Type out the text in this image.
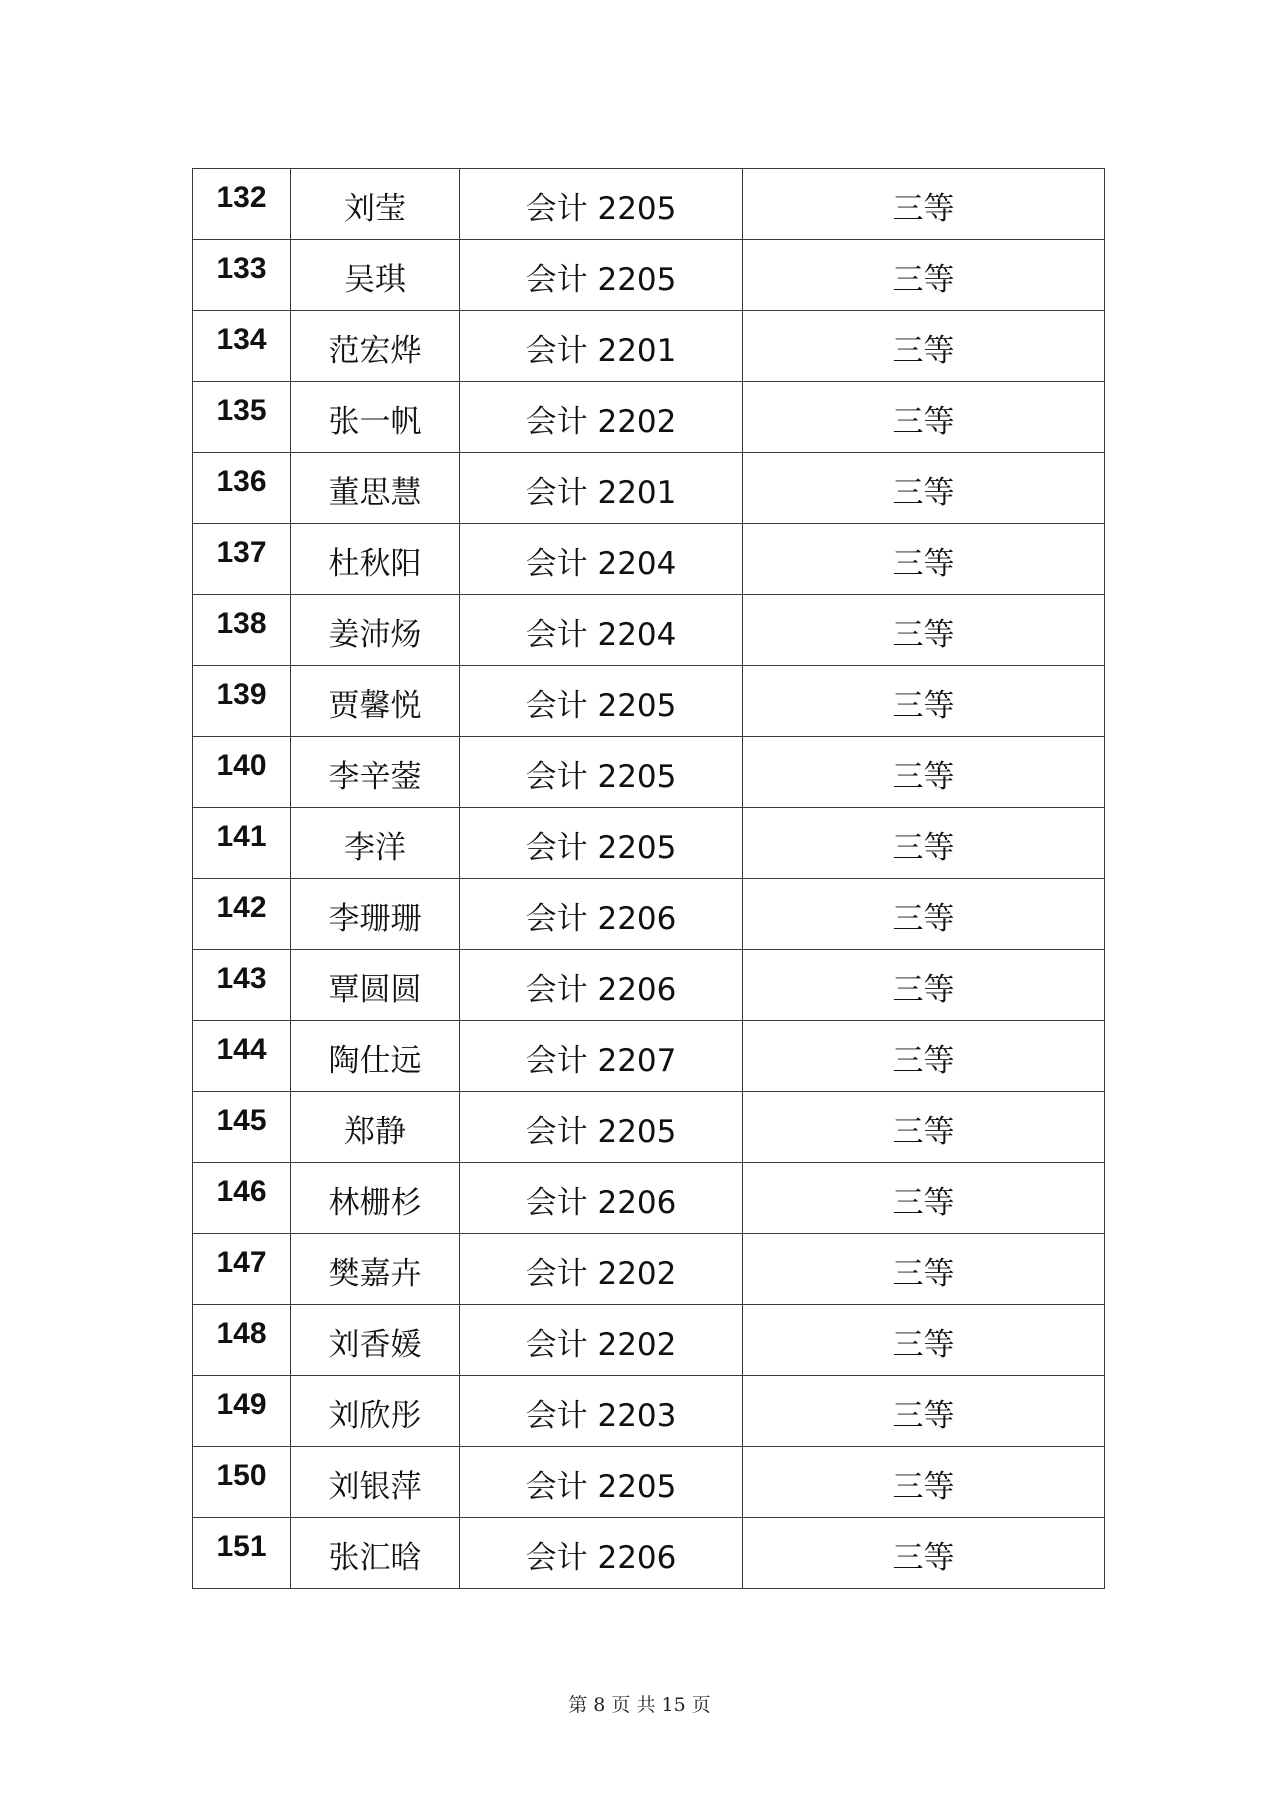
132	刘莹	会计 2205	三等

133	吴琪	会计 2205	三等

134	范宏烨	会计 2201	三等

135	张一帆	会计 2202	三等

136	董思慧	会计 2201	三等

137	杜秋阳	会计 2204	三等

138	姜沛炀	会计 2204	三等

139	贾馨悦	会计 2205	三等

140	李辛蓥	会计 2205	三等

141	李洋	会计 2205	三等

142	李珊珊	会计 2206	三等

143	覃圆圆	会计 2206	三等

144	陶仕远	会计 2207	三等

145	郑静	会计 2205	三等

146	林栅杉	会计 2206	三等

147	樊嘉卉	会计 2202	三等

148	刘香媛	会计 2202	三等

149	刘欣彤	会计 2203	三等

150	刘银萍	会计 2205	三等

151	张汇晗	会计 2206	三等
第 8 页 共 15 页
